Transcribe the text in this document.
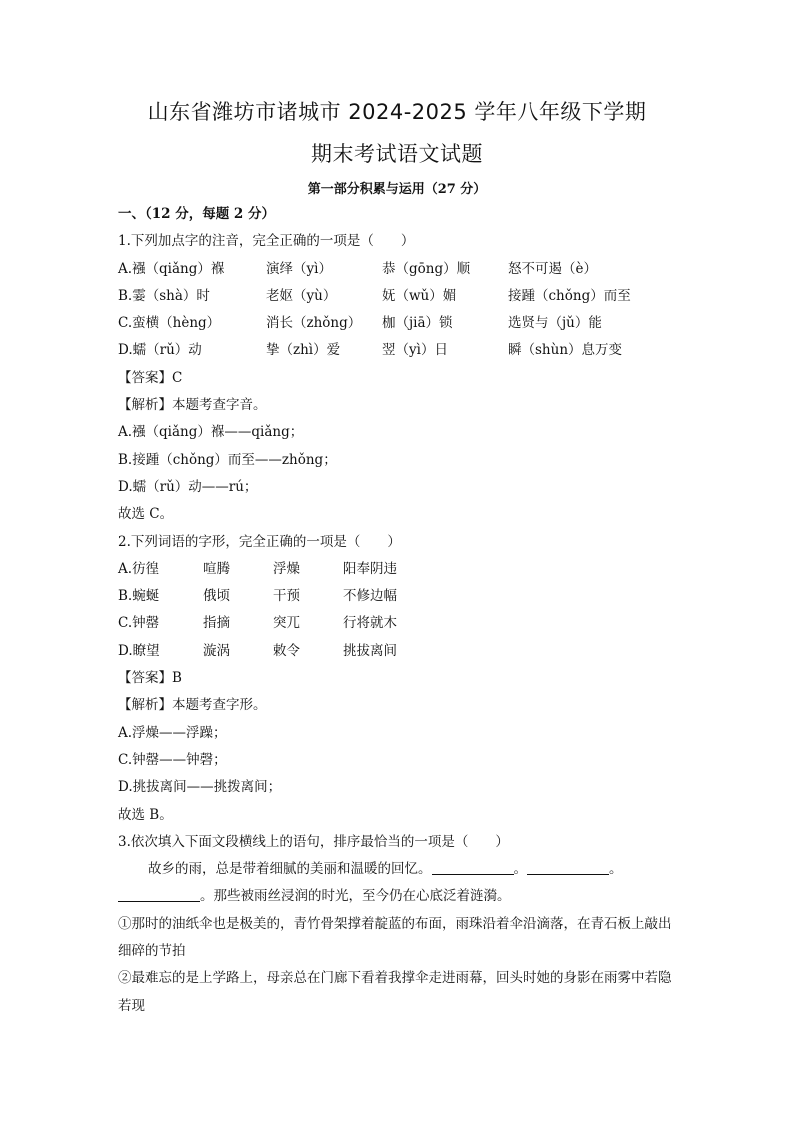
山东省潍坊市诸城市 2024-2025 学年八年级下学期
期末考试语文试题
第一部分积累与运用（27 分）
一、（12 分，每题 2 分）
1.下列加点字的注音，完全正确的一项是（　　）
A.襁（qiǎng）褓	演绎（yì）	恭（gōng）顺	怒不可遏（è）
B.霎（shà）时	老妪（yù）	妩（wǔ）媚	接踵（chǒng）而至
C.蛮横（hèng）	消长（zhǒng）	枷（jiā）锁	选贤与（jǔ）能
D.蠕（rǔ）动	挚（zhì）爱	翌（yì）日	瞬（shùn）息万变
【答案】C
【解析】本题考查字音。
A.襁（qiǎng）褓——qiǎng；
B.接踵（chǒng）而至——zhǒng；
D.蠕（rǔ）动——rú；
故选 C。
2.下列词语的字形，完全正确的一项是（　　）
A.彷徨	喧腾	浮燥	阳奉阴违
B.蜿蜒	俄顷	干预	不修边幅
C.钟罄	指摘	突兀	行将就木
D.瞭望	漩涡	敕令	挑拔离间
【答案】B
【解析】本题考查字形。
A.浮燥——浮躁；
C.钟罄——钟磬；
D.挑拔离间——挑拨离间；
故选 B。
3.依次填入下面文段横线上的语句，排序最恰当的一项是（　　）
故乡的雨，总是带着细腻的美丽和温暖的回忆。	。	。
。那些被雨丝浸润的时光，至今仍在心底泛着涟漪。
①那时的油纸伞也是极美的，青竹骨架撑着靛蓝的布面，雨珠沿着伞沿滴落，在青石板上敲出细碎的节拍
②最难忘的是上学路上，母亲总在门廊下看着我撑伞走进雨幕，回头时她的身影在雨雾中若隐若现
